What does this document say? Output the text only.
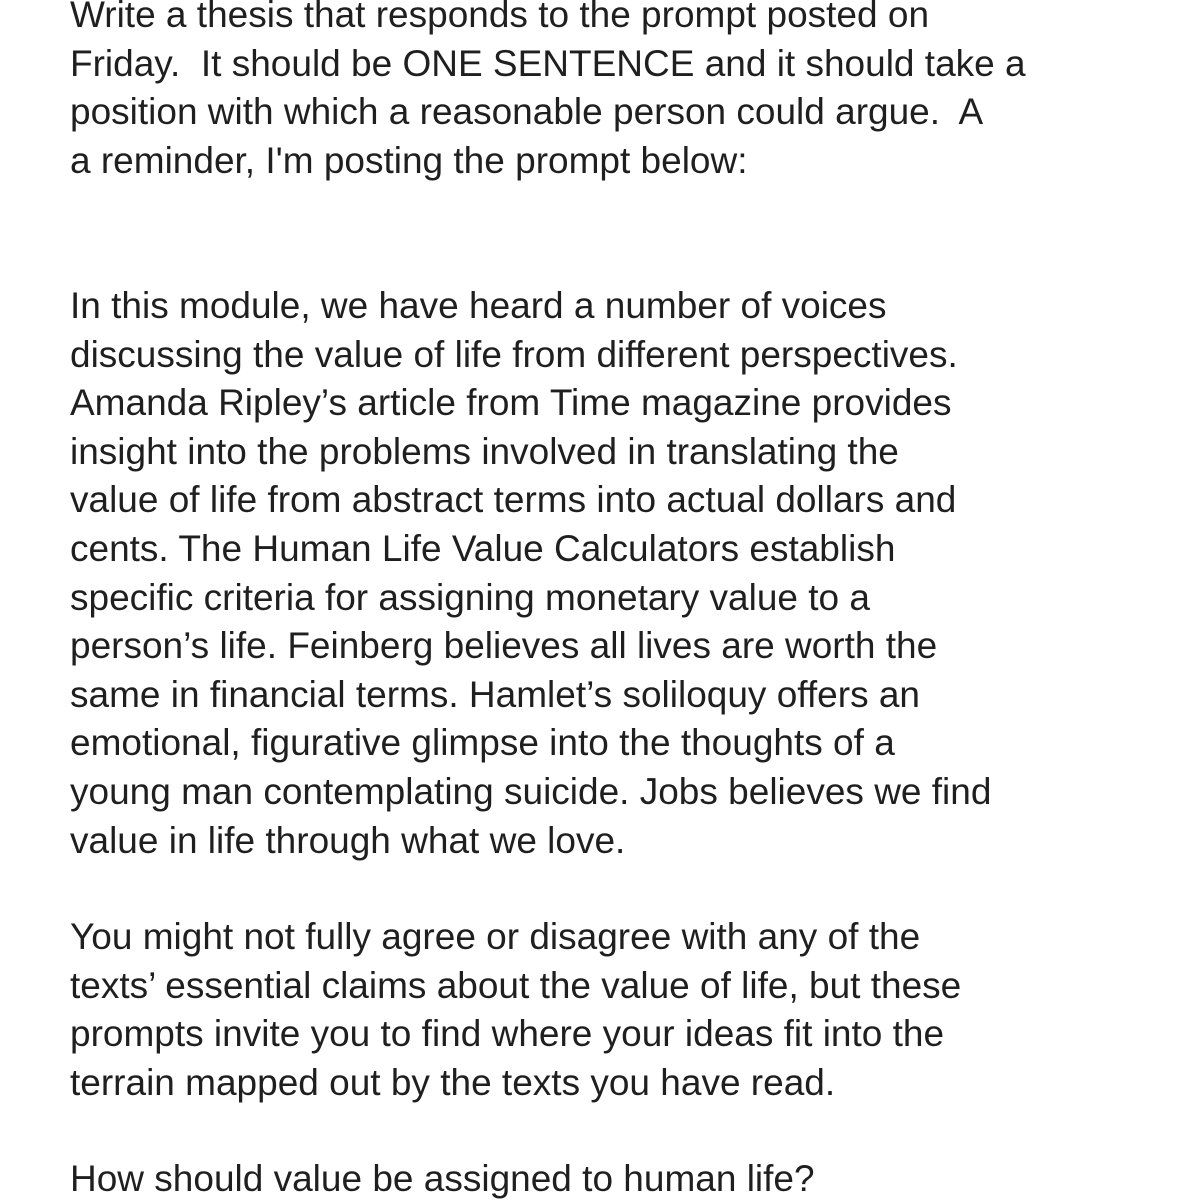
Write a thesis that responds to the prompt posted on
Friday.  It should be ONE SENTENCE and it should take a
position with which a reasonable person could argue.  A
a reminder, I'm posting the prompt below:

In this module, we have heard a number of voices
discussing the value of life from different perspectives.
Amanda Ripley’s article from Time magazine provides
insight into the problems involved in translating the
value of life from abstract terms into actual dollars and
cents. The Human Life Value Calculators establish
specific criteria for assigning monetary value to a
person’s life. Feinberg believes all lives are worth the
same in financial terms. Hamlet’s soliloquy offers an
emotional, figurative glimpse into the thoughts of a
young man contemplating suicide. Jobs believes we find
value in life through what we love.

You might not fully agree or disagree with any of the
texts’ essential claims about the value of life, but these
prompts invite you to find where your ideas fit into the
terrain mapped out by the texts you have read.

How should value be assigned to human life?
